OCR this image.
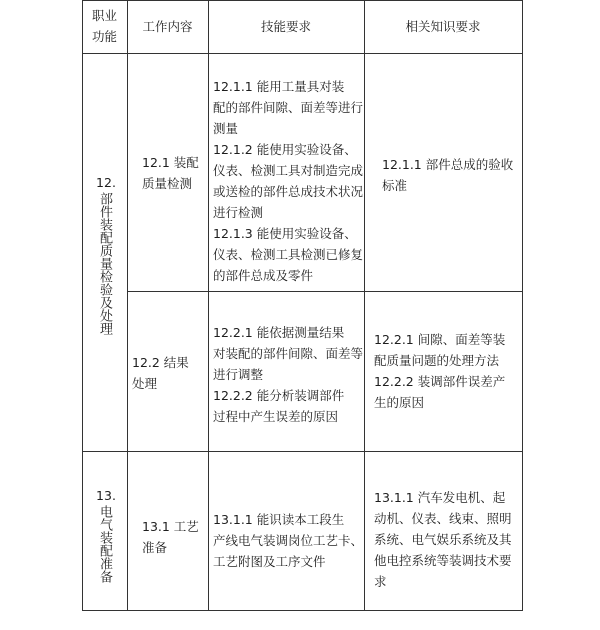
职业
功能
工作内容	技能要求	相关知识要求
12.
部件装配质量检验及处理
12.1 装配
质量检测
12.1.1 能用工量具对装
配的部件间隙、面差等进行
测量
12.1.2 能使用实验设备、
仪表、检测工具对制造完成
或送检的部件总成技术状况
进行检测
12.1.3 能使用实验设备、
仪表、检测工具检测已修复
的部件总成及零件
12.1.1 部件总成的验收
标准
12.2 结果
处理
12.2.1 能依据测量结果
对装配的部件间隙、面差等
进行调整
12.2.2 能分析装调部件
过程中产生误差的原因
12.2.1 间隙、面差等装
配质量问题的处理方法
12.2.2 装调部件误差产
生的原因
13.
电气装配准备 13.1 工艺
准备
13.1.1 能识读本工段生
产线电气装调岗位工艺卡、
工艺附图及工序文件
13.1.1 汽车发电机、起
动机、仪表、线束、照明
系统、电气娱乐系统及其
他电控系统等装调技术要
求
